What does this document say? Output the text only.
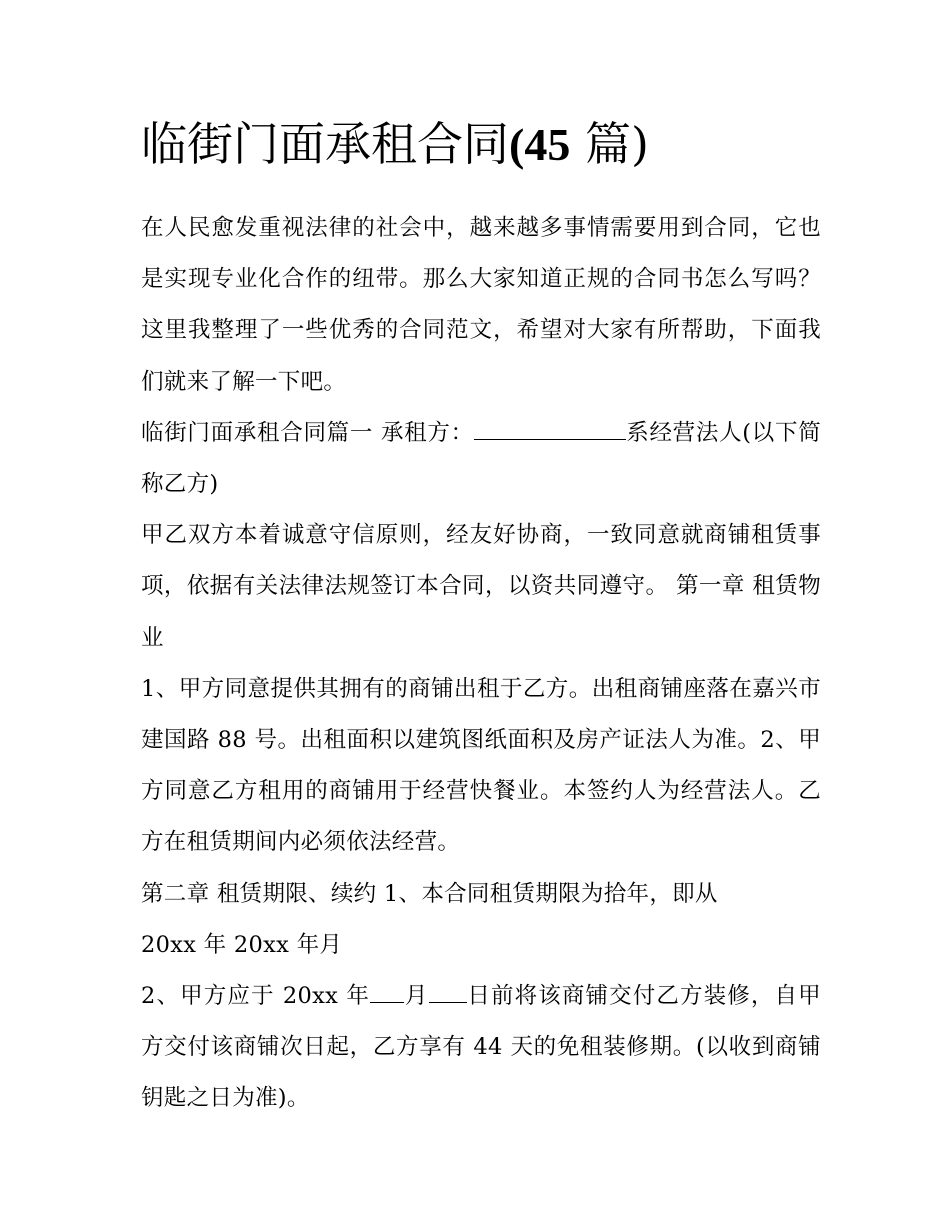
临街门面承租合同(45 篇)

在人民愈发重视法律的社会中，越来越多事情需要用到合同，它也是实现专业化合作的纽带。那么大家知道正规的合同书怎么写吗？这里我整理了一些优秀的合同范文，希望对大家有所帮助，下面我们就来了解一下吧。

临街门面承租合同篇一 承租方：	系经营法人(以下简称乙方)

甲乙双方本着诚意守信原则，经友好协商，一致同意就商铺租赁事项，依据有关法律法规签订本合同，以资共同遵守。 第一章 租赁物业

1、甲方同意提供其拥有的商铺出租于乙方。出租商铺座落在嘉兴市建国路 88 号。出租面积以建筑图纸面积及房产证法人为准。2、甲方同意乙方租用的商铺用于经营快餐业。本签约人为经营法人。乙方在租赁期间内必须依法经营。

第二章 租赁期限、续约 1、本合同租赁期限为拾年，即从

20xx 年 20xx 年月

2、甲方应于 20xx 年 月 日前将该商铺交付乙方装修，自甲方交付该商铺次日起，乙方享有 44 天的免租装修期。(以收到商铺钥匙之日为准)。
